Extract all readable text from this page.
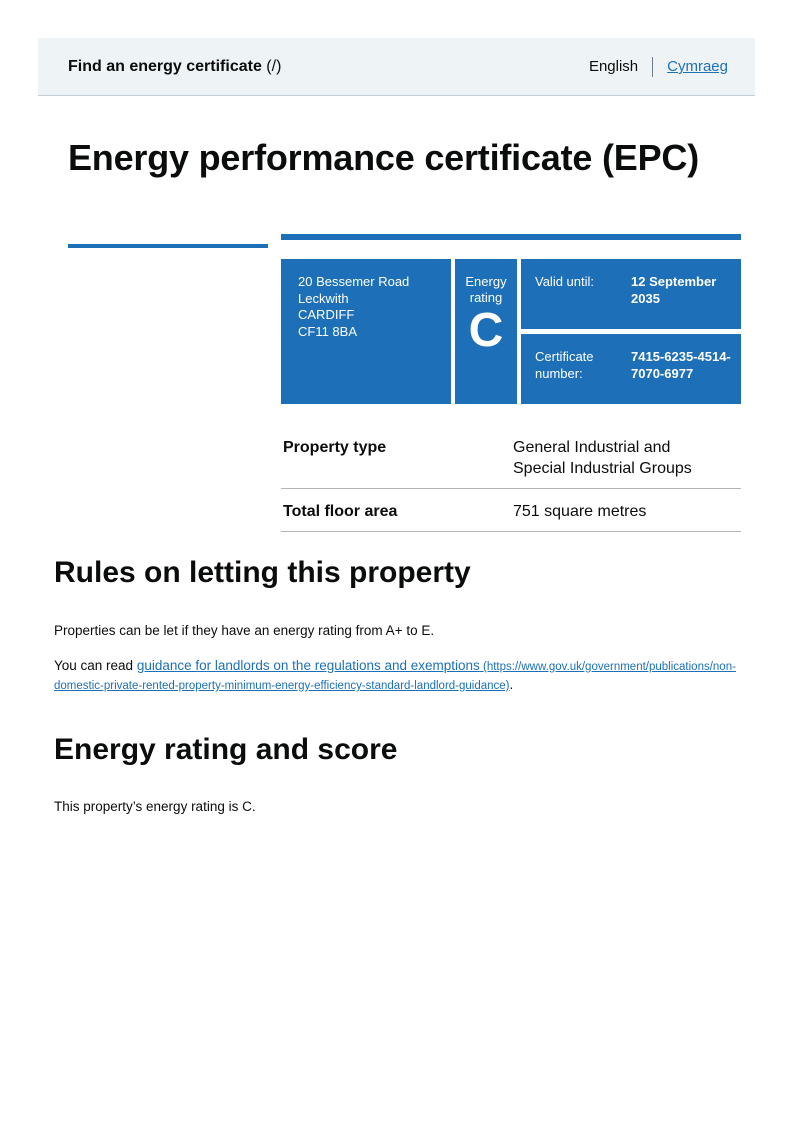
Find an energy certificate (/)	English Cymraeg
Energy performance certificate (EPC)
20 Bessemer Road
Leckwith
CARDIFF
CF11 8BA
Energy rating
C
Valid until:	12 September 2035
Certificate number:
7415-6235-4514-7070-6977
Property type	General Industrial and Special Industrial Groups
Total floor area	751 square metres
Rules on letting this property

Properties can be let if they have an energy rating from A+ to E.

You can read guidance for landlords on the regulations and exemptions (https://www.gov.uk/government/publications/non-domestic-private-rented-property-minimum-energy-efficiency-standard-landlord-guidance).

Energy rating and score

This property’s energy rating is C.
